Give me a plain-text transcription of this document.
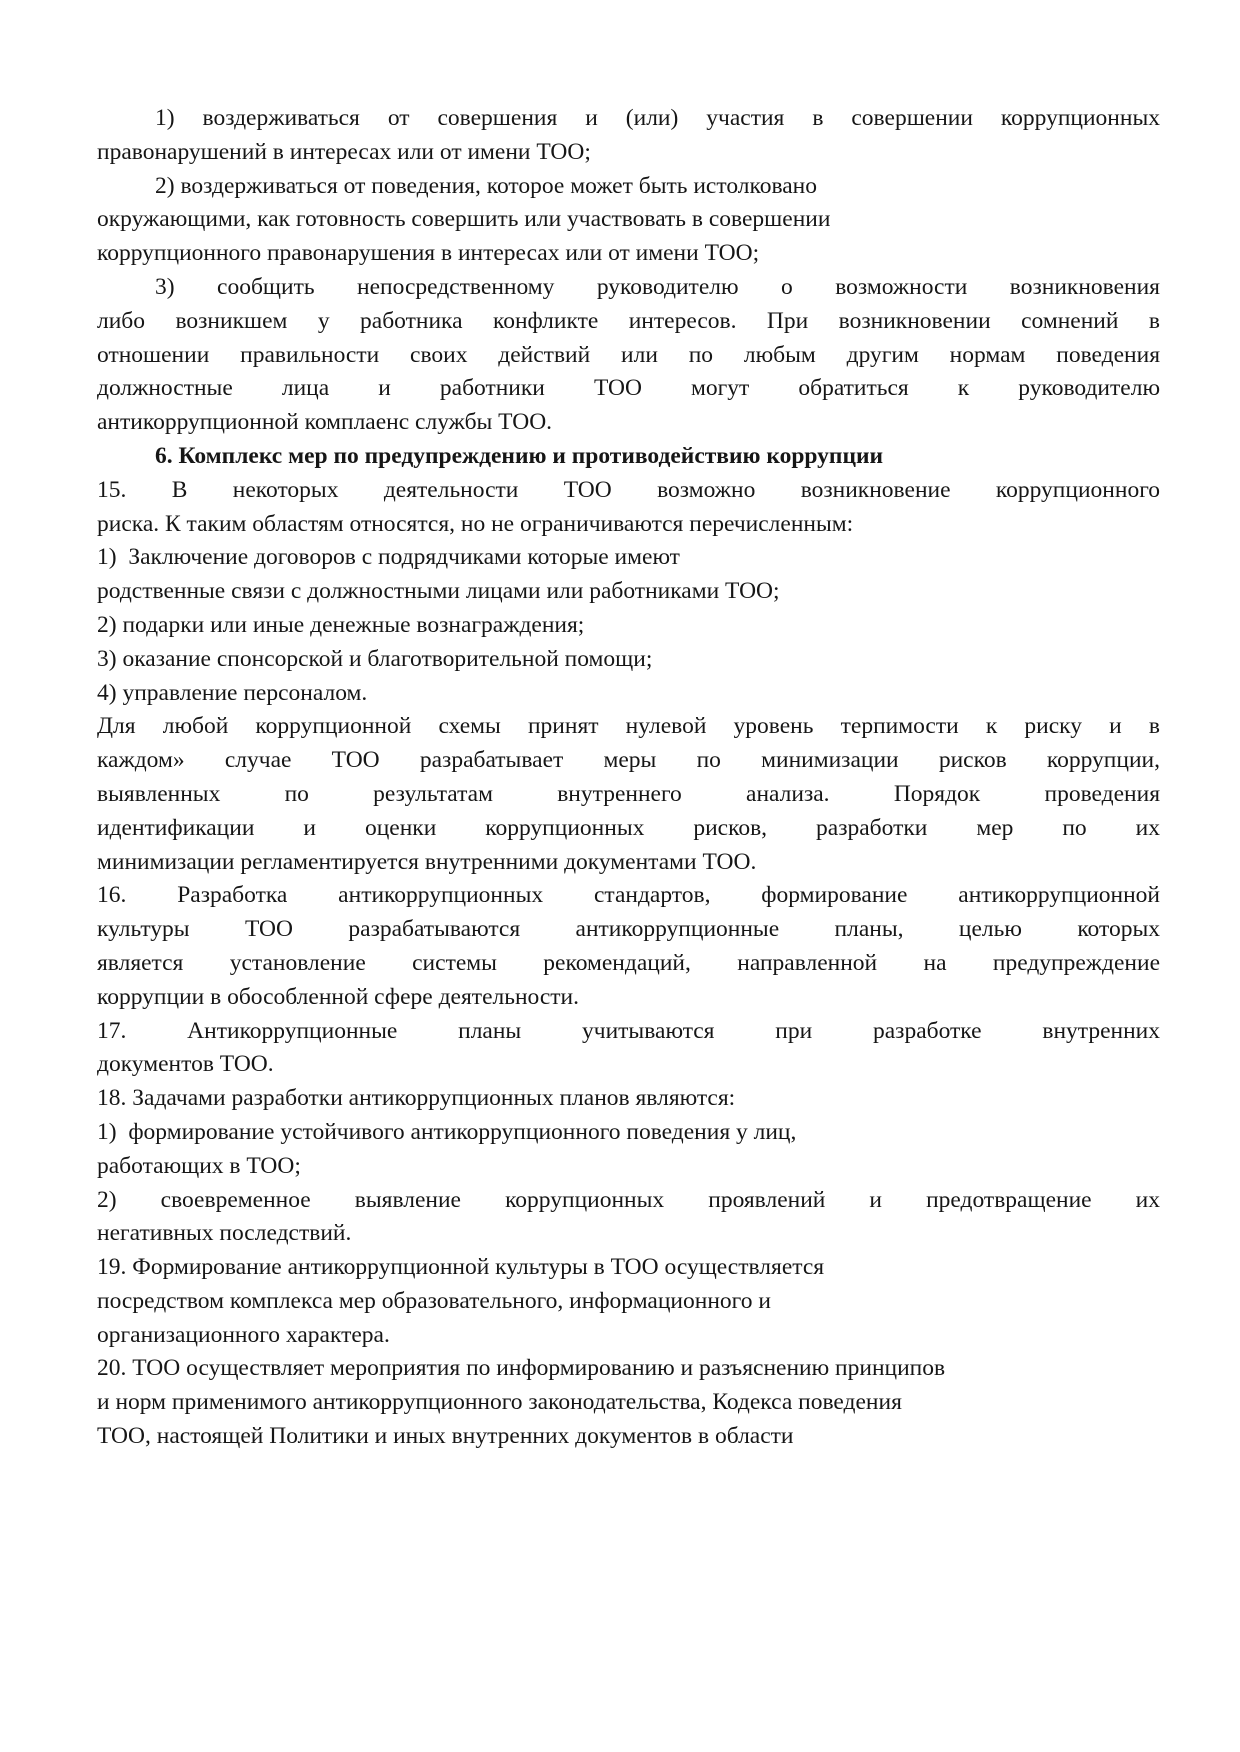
1) воздерживаться от совершения и (или) участия в совершении коррупционных
правонарушений в интересах или от имени ТОО;
2) воздерживаться от поведения, которое может быть истолковано
окружающими, как готовность совершить или участвовать в совершении
коррупционного правонарушения в интересах или от имени ТОО;
3) сообщить непосредственному руководителю о возможности возникновения
либо возникшем у работника конфликте интересов. При возникновении сомнений в
отношении правильности своих действий или по любым другим нормам поведения
должностные лица и работники ТОО могут обратиться к руководителю
антикоррупционной комплаенс службы ТОО.
6. Комплекс мер по предупреждению и противодействию коррупции
15. В некоторых деятельности ТОО возможно возникновение коррупционного
риска. К таким областям относятся, но не ограничиваются перечисленным:
1)  Заключение договоров с подрядчиками которые имеют
родственные связи с должностными лицами или работниками ТОО;
2) подарки или иные денежные вознаграждения;
3) оказание спонсорской и благотворительной помощи;
4) управление персоналом.
Для любой коррупционной схемы принят нулевой уровень терпимости к риску и в
каждом» случае ТОО разрабатывает меры по минимизации рисков коррупции,
выявленных по результатам внутреннего анализа. Порядок проведения
идентификации и оценки коррупционных рисков, разработки мер по их
минимизации регламентируется внутренними документами ТОО.
16. Разработка антикоррупционных стандартов, формирование антикоррупционной
культуры ТОО разрабатываются антикоррупционные планы, целью которых
является установление системы рекомендаций, направленной на предупреждение
коррупции в обособленной сфере деятельности.
17. Антикоррупционные планы учитываются при разработке внутренних
документов ТОО.
18. Задачами разработки антикоррупционных планов являются:
1)  формирование устойчивого антикоррупционного поведения у лиц,
работающих в ТОО;
2) своевременное выявление коррупционных проявлений и предотвращение их
негативных последствий.
19. Формирование антикоррупционной культуры в ТОО осуществляется
посредством комплекса мер образовательного, информационного и
организационного характера.
20. ТОО осуществляет мероприятия по информированию и разъяснению принципов
и норм применимого антикоррупционного законодательства, Кодекса поведения
ТОО, настоящей Политики и иных внутренних документов в области
